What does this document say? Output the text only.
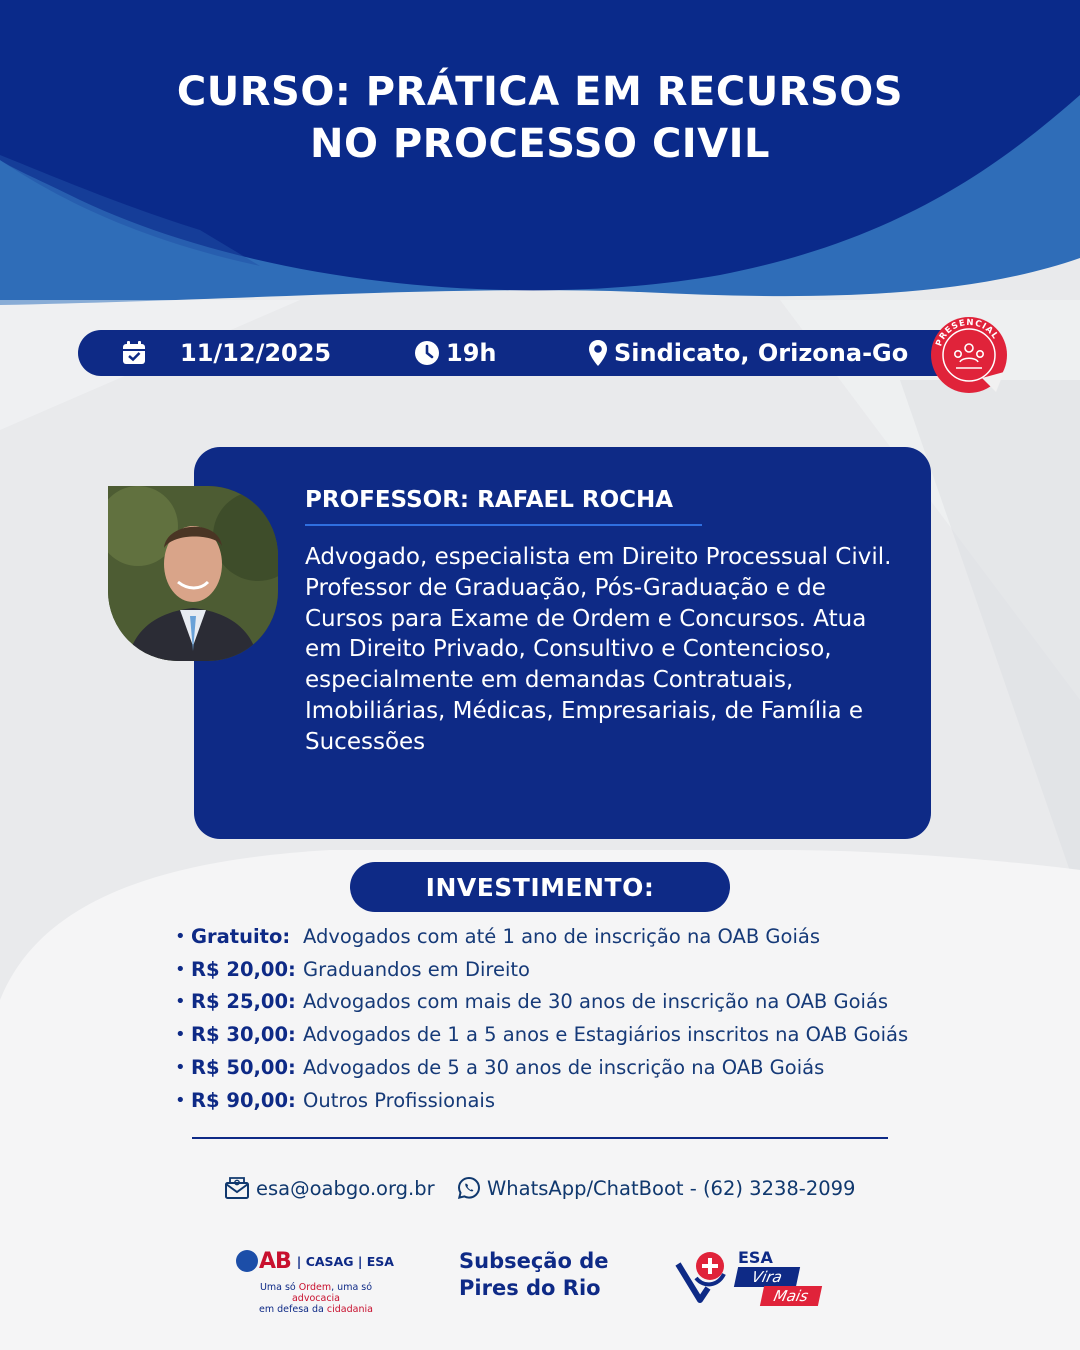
CURSO: PRÁTICA EM RECURSOS
NO PROCESSO CIVIL
11/12/2025	19h	Sindicato, Orizona-Go	PRESENCIAL
PROFESSOR: RAFAEL ROCHA
Advogado, especialista em Direito Processual Civil. Professor de Graduação, Pós-Graduação e de Cursos para Exame de Ordem e Concursos. Atua em Direito Privado, Consultivo e Contencioso, especialmente em demandas Contratuais, Imobiliárias, Médicas, Empresariais, de Família e Sucessões
INVESTIMENTO:
• Gratuito: Advogados com até 1 ano de inscrição na OAB Goiás
• R$ 20,00: Graduandos em Direito
• R$ 25,00: Advogados com mais de 30 anos de inscrição na OAB Goiás
• R$ 30,00: Advogados de 1 a 5 anos e Estagiários inscritos na OAB Goiás
• R$ 50,00: Advogados de 5 a 30 anos de inscrição na OAB Goiás
• R$ 90,00: Outros Profissionais
esa@oabgo.org.br	WhatsApp/ChatBoot - (62) 3238-2099
AB | CASAG | ESA
Uma só Ordem, uma só advocacia
em defesa da cidadania
Subseção de
Pires do Rio
ESA
Vira
Mais
